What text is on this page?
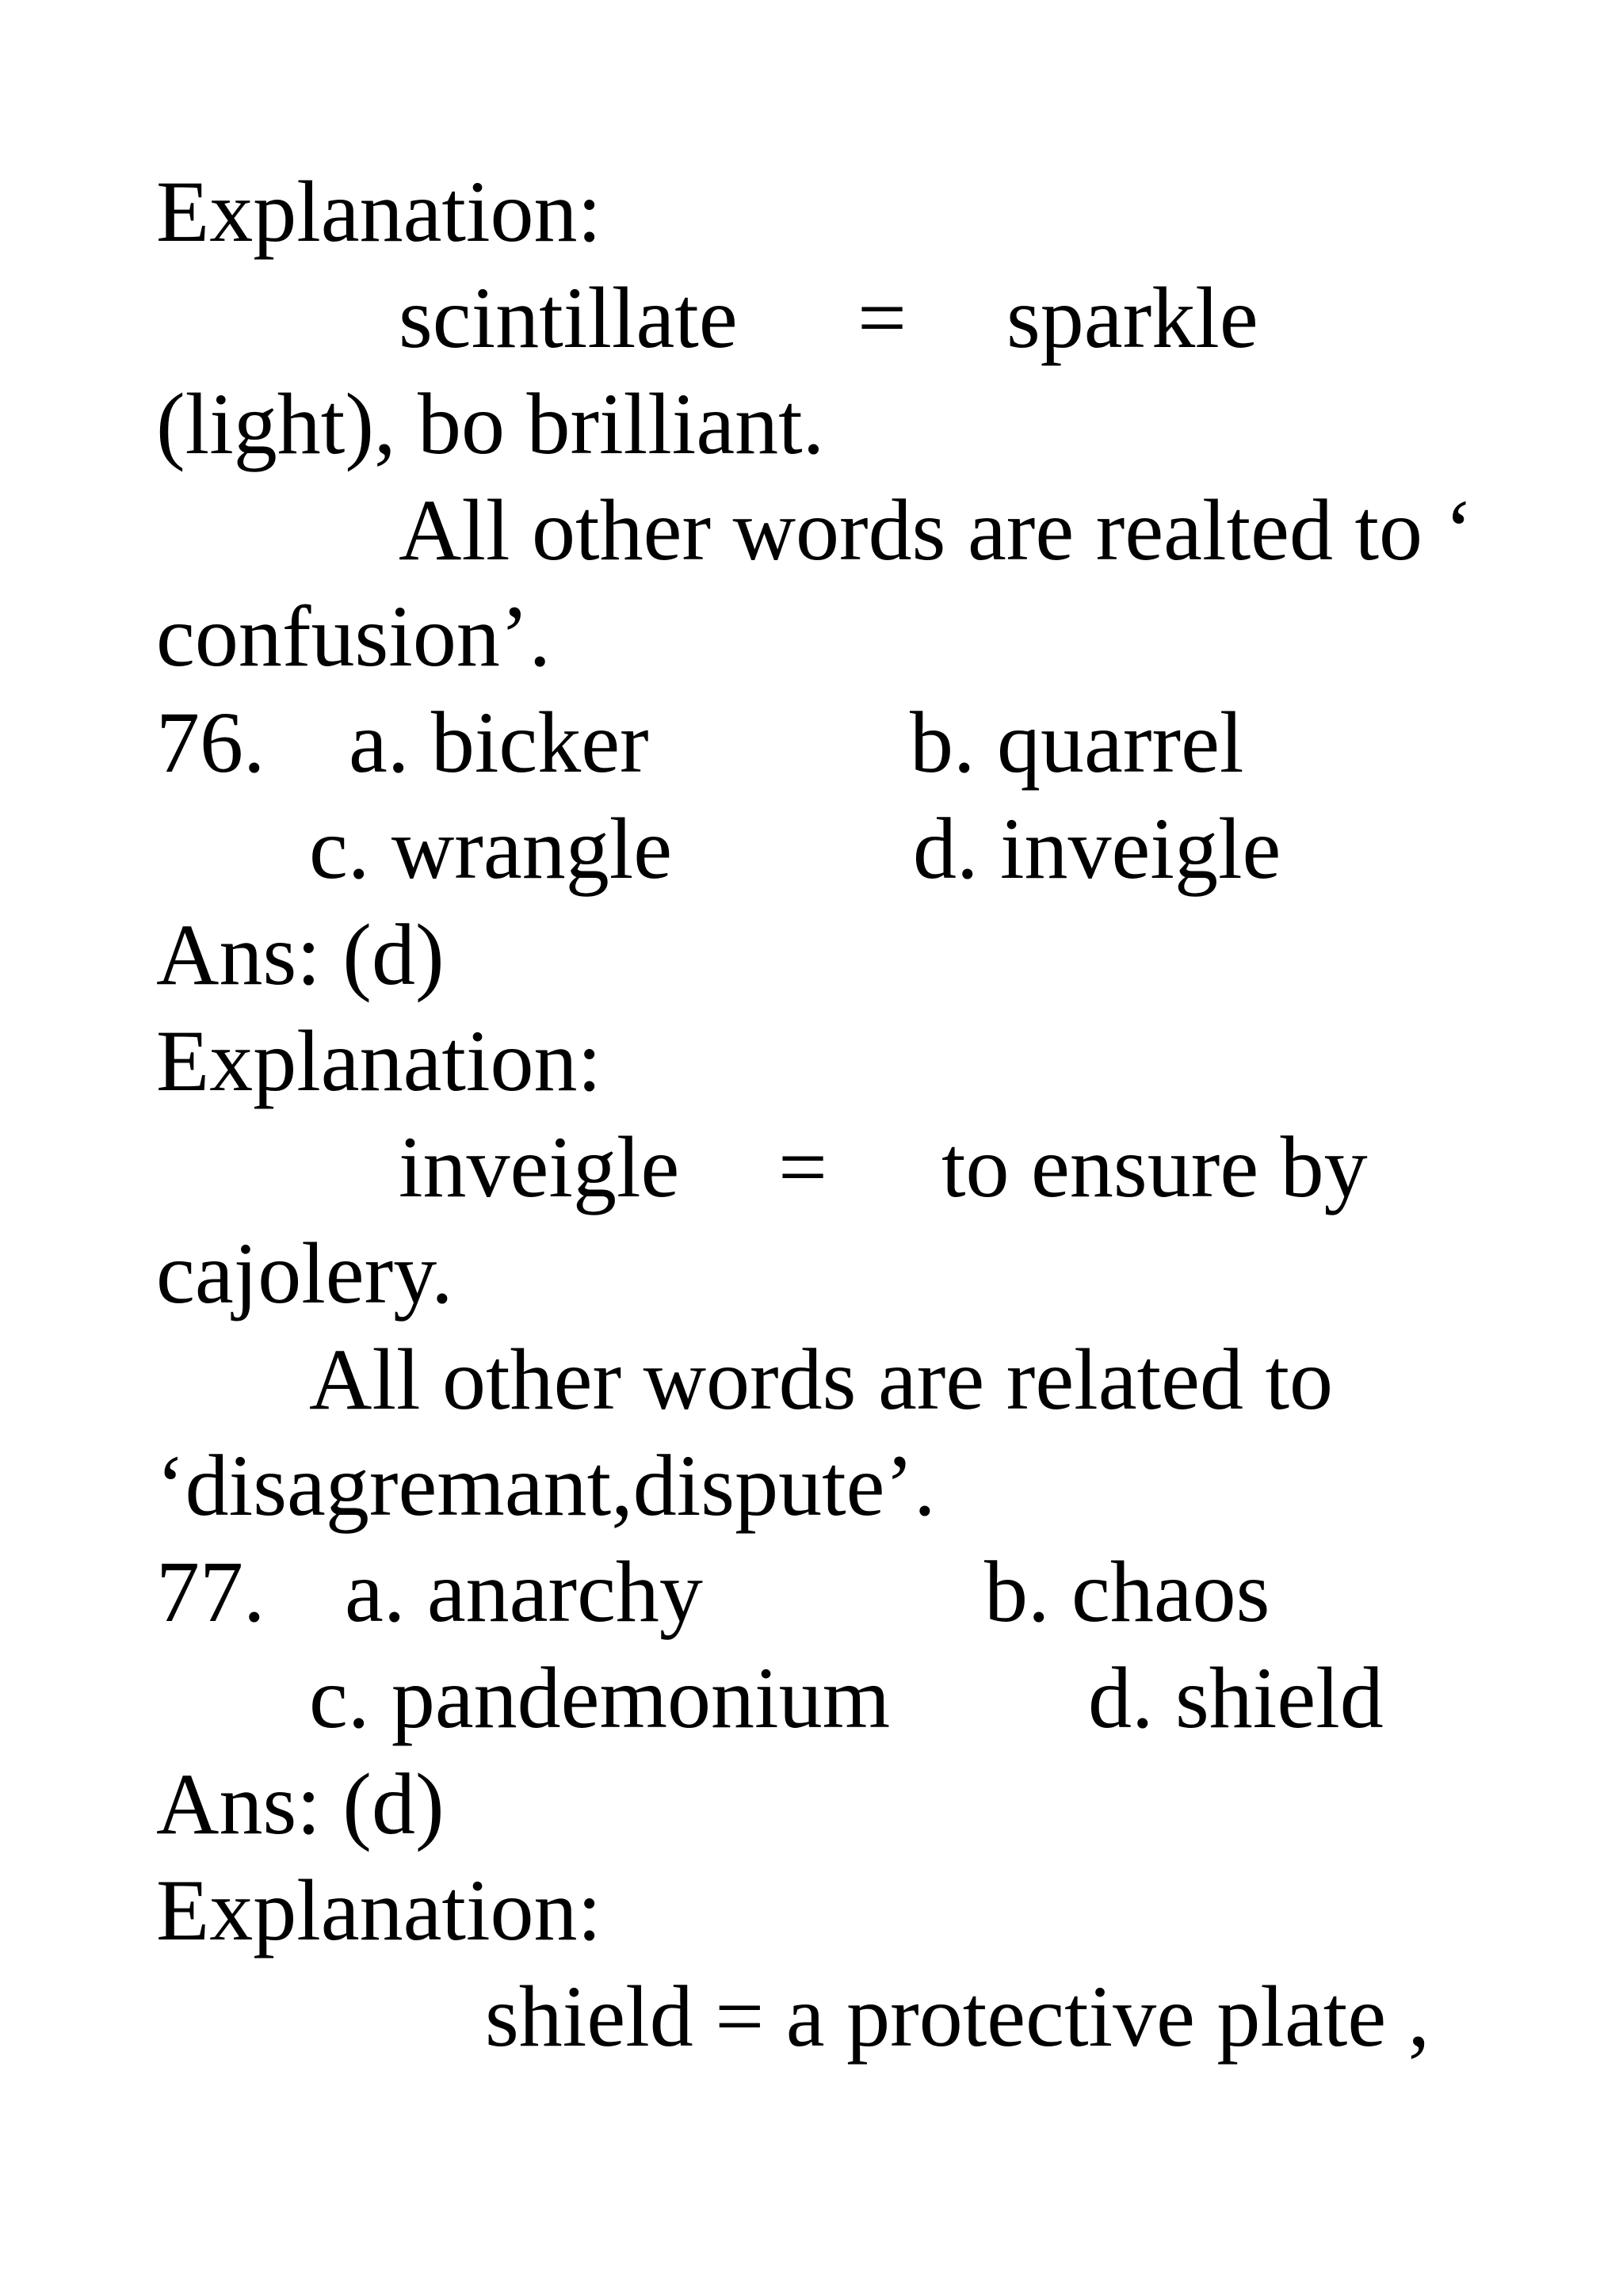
Explanation:
scintillate = sparkle
(light), bo brilliant.
All other words are realted to ‘
confusion’.
76. a. bicker	b. quarrel
c. wrangle	d. inveigle
Ans: (d)
Explanation:
inveigle = to ensure by
cajolery.
All other words are related to
‘disagremant,dispute’.
77. a. anarchy	b. chaos
c. pandemonium d. shield
Ans: (d)
Explanation:
shield = a protective plate ,
